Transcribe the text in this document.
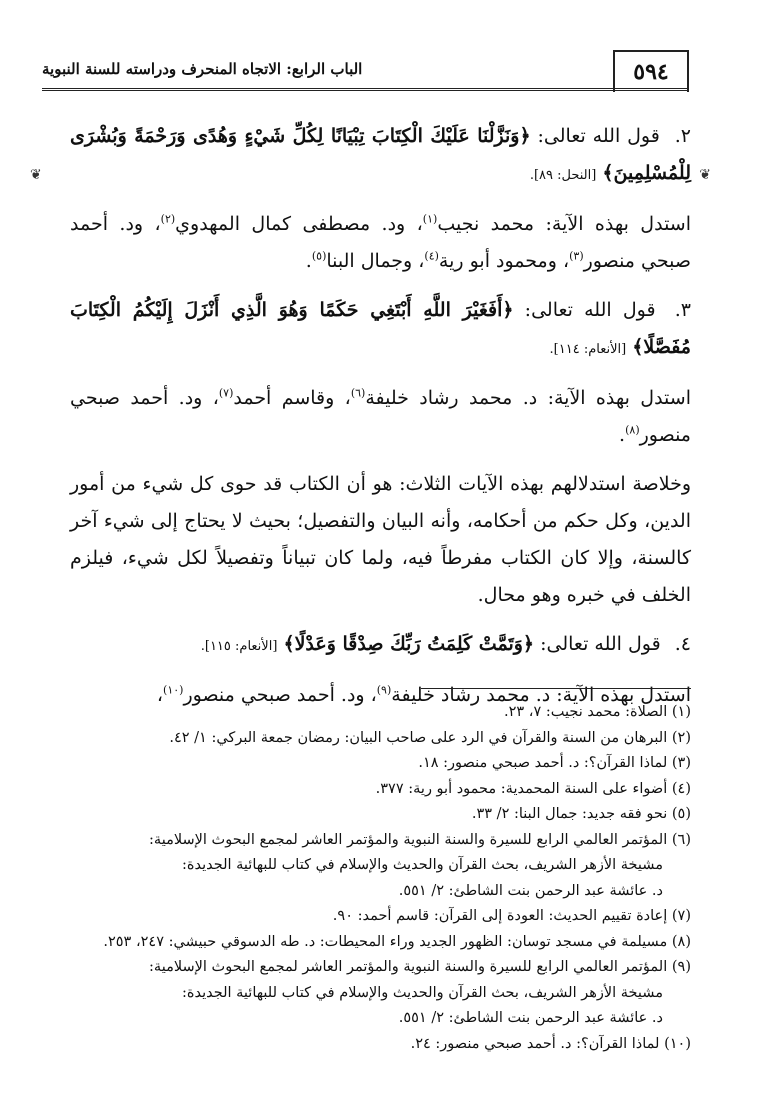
٥٩٤
الباب الرابع: الاتجاه المنحرف ودراسته للسنة النبوية
❦	❦

٢. قول الله تعالى: ﴿وَنَزَّلْنَا عَلَيْكَ الْكِتَابَ تِبْيَانًا لِكُلِّ شَيْءٍ وَهُدًى وَرَحْمَةً وَبُشْرَى لِلْمُسْلِمِينَ﴾ [النحل: ٨٩].

استدل بهذه الآية: محمد نجيب$^{(١)}$، ود. مصطفى كمال المهدوي$^{(٢)}$، ود. أحمد صبحي منصور$^{(٣)}$، ومحمود أبو رية$^{(٤)}$، وجمال البنا$^{(٥)}$.

٣. قول الله تعالى: ﴿أَفَغَيْرَ اللَّهِ أَبْتَغِي حَكَمًا وَهُوَ الَّذِي أَنْزَلَ إِلَيْكُمُ الْكِتَابَ مُفَصَّلًا﴾ [الأنعام: ١١٤].

استدل بهذه الآية: د. محمد رشاد خليفة$^{(٦)}$، وقاسم أحمد$^{(٧)}$، ود. أحمد صبحي منصور$^{(٨)}$.

وخلاصة استدلالهم بهذه الآيات الثلاث: هو أن الكتاب قد حوى كل شيء من أمور الدين، وكل حكم من أحكامه، وأنه البيان والتفصيل؛ بحيث لا يحتاج إلى شيء آخر كالسنة، وإلا كان الكتاب مفرطاً فيه، ولما كان تبياناً وتفصيلاً لكل شيء، فيلزم الخلف في خبره وهو محال.

٤. قول الله تعالى: ﴿وَتَمَّتْ كَلِمَتُ رَبِّكَ صِدْقًا وَعَدْلًا﴾ [الأنعام: ١١٥].

استدل بهذه الآية: د. محمد رشاد خليفة$^{(٩)}$، ود. أحمد صبحي منصور$^{(١٠)}$،

(١) الصلاة: محمد نجيب: ٧، ٢٣.

(٢) البرهان من السنة والقرآن في الرد على صاحب البيان: رمضان جمعة البركي: ١/ ٤٢.

(٣) لماذا القرآن؟: د. أحمد صبحي منصور: ١٨.

(٤) أضواء على السنة المحمدية: محمود أبو رية: ٣٧٧.

(٥) نحو فقه جديد: جمال البنا: ٢/ ٣٣.

(٦) المؤتمر العالمي الرابع للسيرة والسنة النبوية والمؤتمر العاشر لمجمع البحوث الإسلامية:

مشيخة الأزهر الشريف، بحث القرآن والحديث والإسلام في كتاب للبهائية الجديدة:

د. عائشة عبد الرحمن بنت الشاطئ: ٢/ ٥٥١.

(٧) إعادة تقييم الحديث: العودة إلى القرآن: قاسم أحمد: ٩٠.

(٨) مسيلمة في مسجد توسان: الظهور الجديد وراء المحيطات: د. طه الدسوقي حبيشي: ٢٤٧، ٢٥٣.

(٩) المؤتمر العالمي الرابع للسيرة والسنة النبوية والمؤتمر العاشر لمجمع البحوث الإسلامية:

مشيخة الأزهر الشريف، بحث القرآن والحديث والإسلام في كتاب للبهائية الجديدة:

د. عائشة عبد الرحمن بنت الشاطئ: ٢/ ٥٥١.

(١٠) لماذا القرآن؟: د. أحمد صبحي منصور: ٢٤.
